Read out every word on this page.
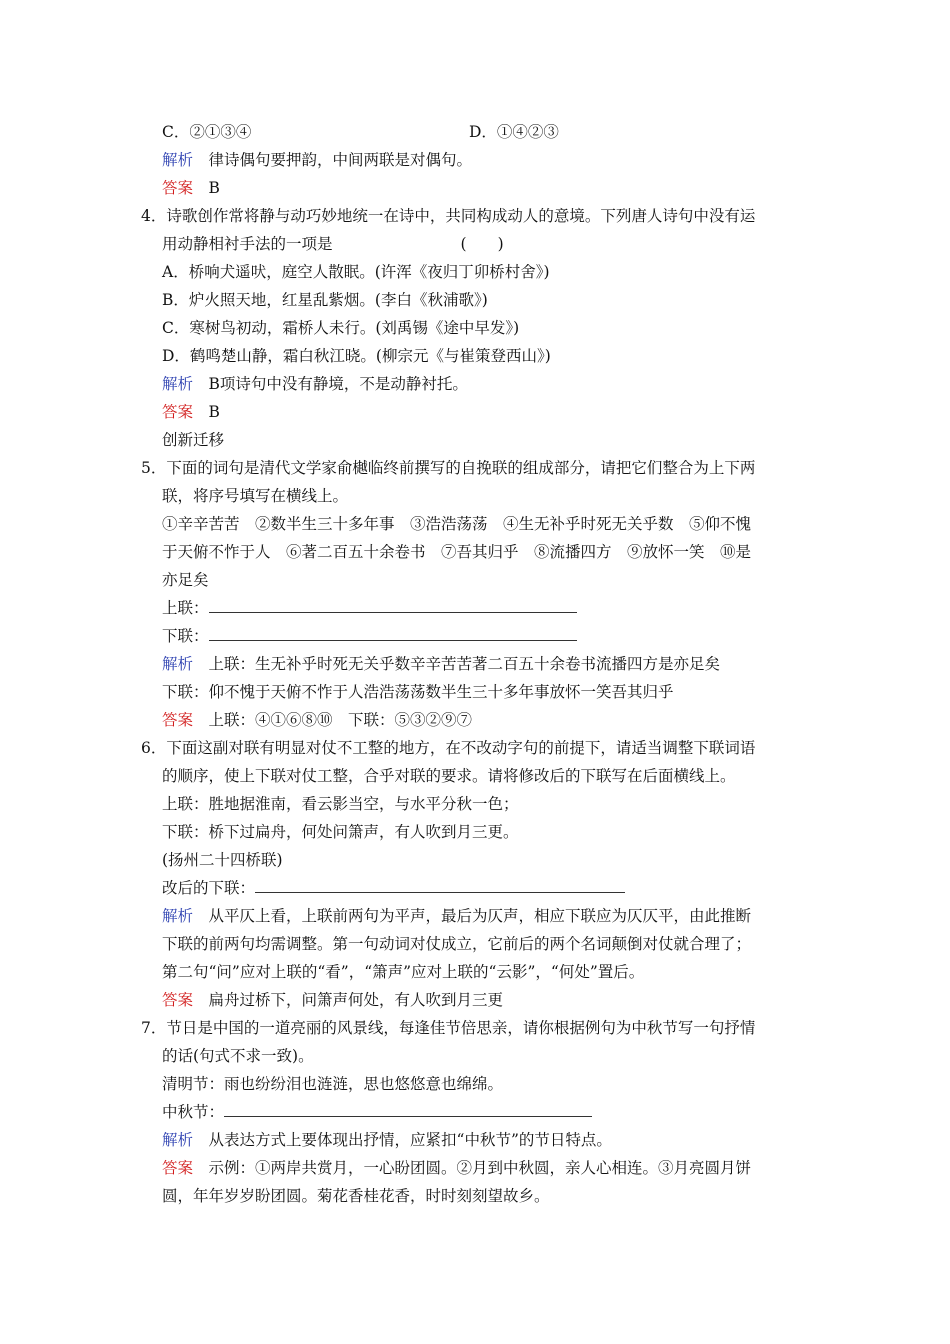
C．②①③④	D．①④②③
解析　 律诗偶句要押韵，中间两联是对偶句。
答案　 B
4．诗歌创作常将静与动巧妙地统一在诗中，共同构成动人的意境。下列唐人诗句中没有运
用动静相衬手法的一项是	(　　)
A．桥响犬遥吠，庭空人散眠。(许浑《夜归丁卯桥村舍》)
B．炉火照天地，红星乱紫烟。(李白《秋浦歌》)
C．寒树鸟初动，霜桥人未行。(刘禹锡《途中早发》)
D．鹤鸣楚山静，霜白秋江晓。(柳宗元《与崔策登西山》)
解析　 B项诗句中没有静境，不是动静衬托。
答案　 B
创新迁移
5．下面的词句是清代文学家俞樾临终前撰写的自挽联的组成部分，请把它们整合为上下两
联，将序号填写在横线上。
①辛辛苦苦　②数半生三十多年事　③浩浩荡荡　④生无补乎时死无关乎数　⑤仰不愧
于天俯不怍于人　⑥著二百五十余卷书　⑦吾其归乎　⑧流播四方　⑨放怀一笑　⑩是
亦足矣
上联：
下联：
解析　 上联：生无补乎时死无关乎数辛辛苦苦著二百五十余卷书流播四方是亦足矣
下联：仰不愧于天俯不怍于人浩浩荡荡数半生三十多年事放怀一笑吾其归乎
答案　 上联：④①⑥⑧⑩　下联：⑤③②⑨⑦
6．下面这副对联有明显对仗不工整的地方，在不改动字句的前提下，请适当调整下联词语
的顺序，使上下联对仗工整，合乎对联的要求。请将修改后的下联写在后面横线上。
上联：胜地据淮南，看云影当空，与水平分秋一色；
下联：桥下过扁舟，何处问箫声，有人吹到月三更。
(扬州二十四桥联)
改后的下联：
解析　 从平仄上看，上联前两句为平声，最后为仄声，相应下联应为仄仄平，由此推断
下联的前两句均需调整。第一句动词对仗成立，它前后的两个名词颠倒对仗就合理了；
第二句“问”应对上联的“看”，“箫声”应对上联的“云影”，“何处”置后。
答案　 扁舟过桥下，问箫声何处，有人吹到月三更
7．节日是中国的一道亮丽的风景线，每逢佳节倍思亲，请你根据例句为中秋节写一句抒情
的话(句式不求一致)。
清明节：雨也纷纷泪也涟涟，思也悠悠意也绵绵。
中秋节：
解析　 从表达方式上要体现出抒情，应紧扣“中秋节”的节日特点。
答案　 示例：①两岸共赏月，一心盼团圆。②月到中秋圆，亲人心相连。③月亮圆月饼
圆，年年岁岁盼团圆。菊花香桂花香，时时刻刻望故乡。
